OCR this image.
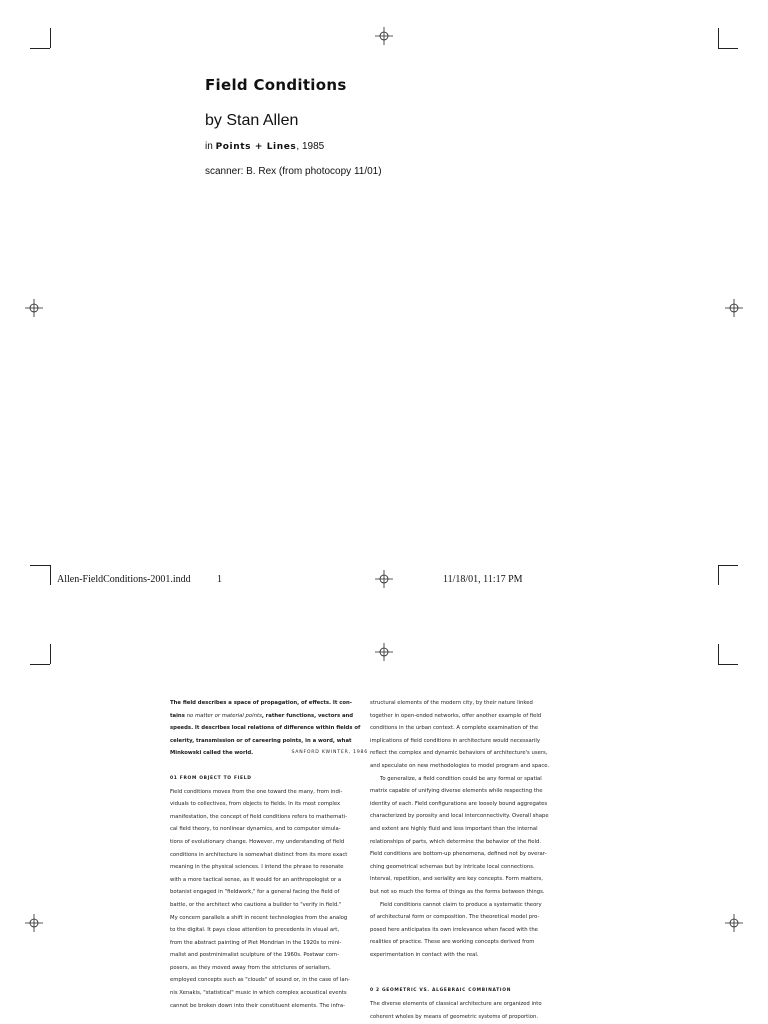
Field Conditions
by Stan Allen
in Points + Lines, 1985
scanner: B. Rex (from photocopy 11/01)
Allen-FieldConditions-2001.indd	1	11/18/01, 11:17 PM

The field describes a space of propagation, of effects. It con-

tains no matter or material points, rather functions, vectors and

speeds. It describes local relations of difference within fields of

celerity, transmission or of careering points, in a word, what

Minkowski called the world.	SANFORD KWINTER, 1986

01 FROM OBJECT TO FIELD

Field conditions moves from the one toward the many, from indi-

viduals to collectives, from objects to fields. In its most complex

manifestation, the concept of field conditions refers to mathemati-

cal field theory, to nonlinear dynamics, and to computer simula-

tions of evolutionary change. However, my understanding of field

conditions in architecture is somewhat distinct from its more exact

meaning in the physical sciences. I intend the phrase to resonate

with a more tactical sense, as it would for an anthropologist or a

botanist engaged in "fieldwork," for a general facing the field of

battle, or the architect who cautions a builder to "verify in field."

My concern parallels a shift in recent technologies from the analog

to the digital. It pays close attention to precedents in visual art,

from the abstract painting of Piet Mondrian in the 1920s to mini-

malist and postminimalist sculpture of the 1960s. Postwar com-

posers, as they moved away from the strictures of serialism,

employed concepts such as "clouds" of sound or, in the case of Ian-

nis Xenakis, "statistical" music in which complex acoustical events

cannot be broken down into their constituent elements. The infra-

structural elements of the modern city, by their nature linked

together in open-ended networks, offer another example of field

conditions in the urban context. A complete examination of the

implications of field conditions in architecture would necessarily

reflect the complex and dynamic behaviors of architecture's users,

and speculate on new methodologies to model program and space.

To generalize, a field condition could be any formal or spatial

matrix capable of unifying diverse elements while respecting the

identity of each. Field configurations are loosely bound aggregates

characterized by porosity and local interconnectivity. Overall shape

and extent are highly fluid and less important than the internal

relationships of parts, which determine the behavior of the field.

Field conditions are bottom-up phenomena, defined not by overar-

ching geometrical schemas but by intricate local connections.

Interval, repetition, and seriality are key concepts. Form matters,

but not so much the forms of things as the forms between things.

Field conditions cannot claim to produce a systematic theory

of architectural form or composition. The theoretical model pro-

posed here anticipates its own irrelevance when faced with the

realities of practice. These are working concepts derived from

experimentation in contact with the real.

0 2 GEOMETRIC VS. ALGEBRAIC COMBINATION

The diverse elements of classical architecture are organized into

coherent wholes by means of geometric systems of proportion.
